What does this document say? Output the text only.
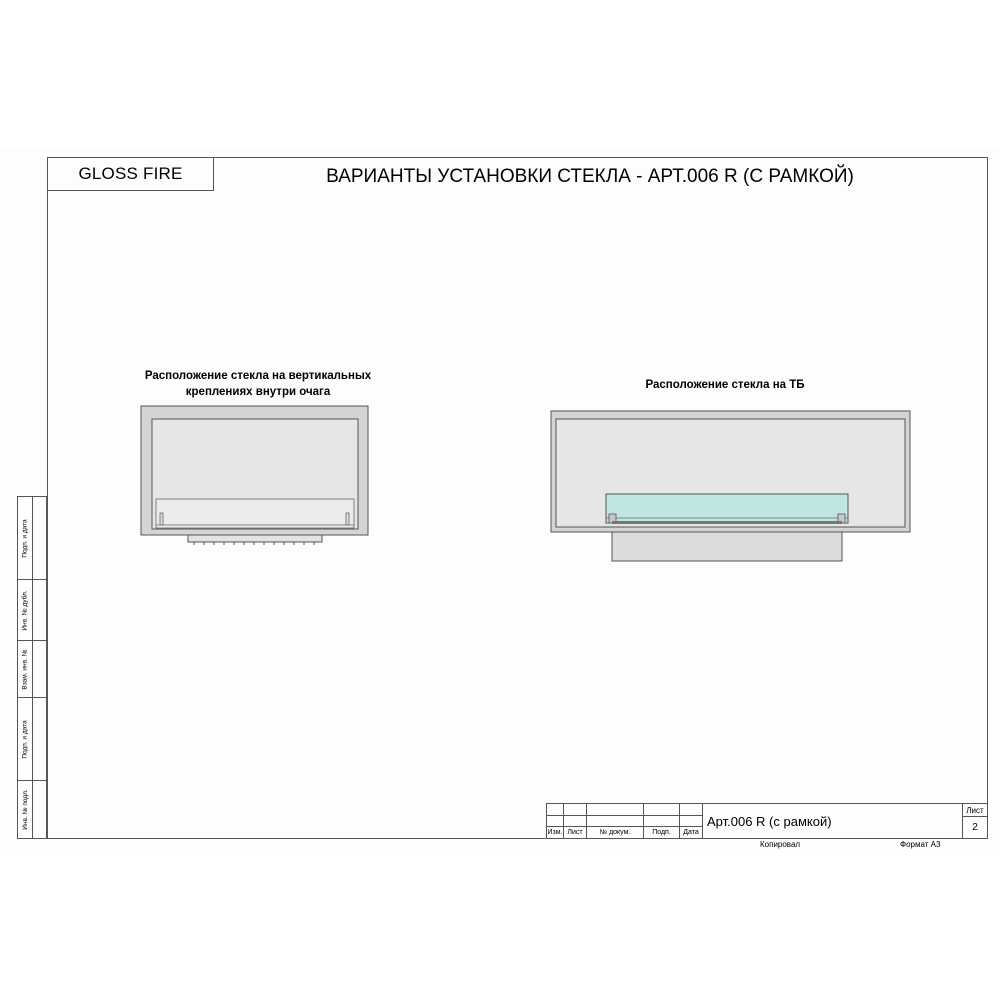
GLOSS FIRE	ВАРИАНТЫ УСТАНОВКИ СТЕКЛА - АРТ.006 R (С РАМКОЙ)
Расположение стекла на вертикальных
креплениях внутри очага
Расположение стекла на ТБ
Подп. и дата
Инв. № дубл.
Взам. инв. №
Подп. и дата
Инв. № подл.
Изм. Лист	№ докум.	Подп.	Дата
Арт.006 R (с рамкой)
Лист
2
Копировал	Формат А3
